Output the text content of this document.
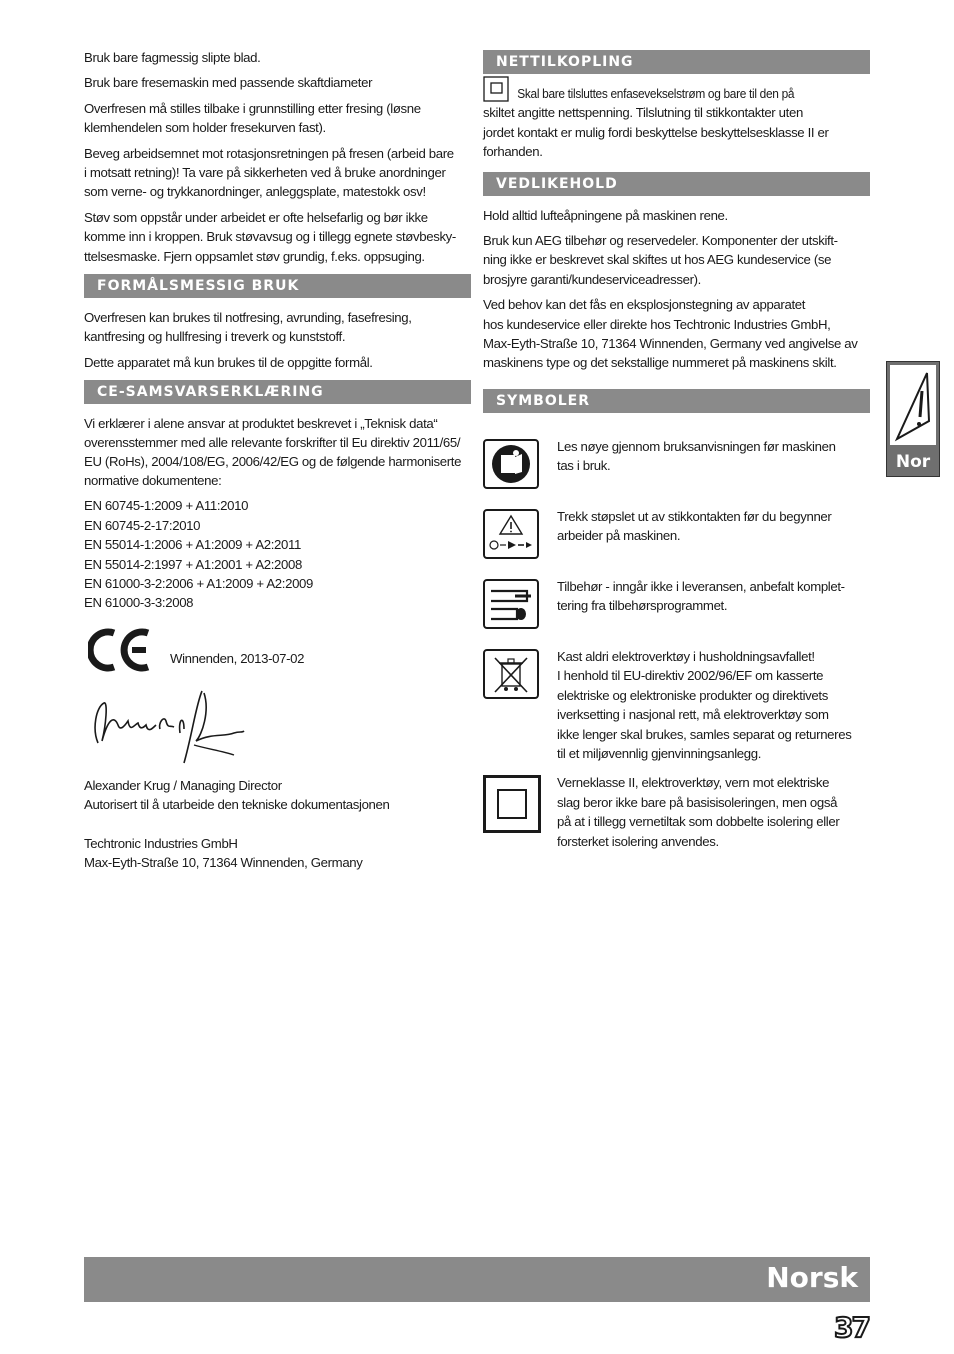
Bruk bare fagmessig slipte blad.

Bruk bare fresemaskin med passende skaftdiameter

Overfresen må stilles tilbake i grunnstilling etter fresing (løsne
klemhendelen som holder fresekurven fast).

Beveg arbeidsemnet mot rotasjonsretningen på fresen (arbeid bare
i motsatt retning)! Ta vare på sikkerheten ved å bruke anordninger
som verne- og trykkanordninger, anleggsplate, matestokk osv!

Støv som oppstår under arbeidet er ofte helsefarlig og bør ikke
komme inn i kroppen. Bruk støvavsug og i tillegg egnete støvbesky-
ttelsesmaske. Fjern oppsamlet støv grundig, f.eks. oppsuging.

FORMÅLSMESSIG BRUK

Overfresen kan brukes til notfresing, avrunding, fasefresing,
kantfresing og hullfresing i treverk og kunststoff.

Dette apparatet må kun brukes til de oppgitte formål.

CE-SAMSVARSERKLÆRING

Vi erklærer i alene ansvar at produktet beskrevet i „Teknisk data“
overensstemmer med alle relevante forskrifter til Eu direktiv 2011/65/
EU (RoHs), 2004/108/EG, 2006/42/EG og de følgende harmoniserte
normative dokumentene:

EN 60745-1:2009 + A11:2010
EN 60745-2-17:2010
EN 55014-1:2006 + A1:2009 + A2:2011
EN 55014-2:1997 + A1:2001 + A2:2008
EN 61000-3-2:2006 + A1:2009 + A2:2009
EN 61000-3-3:2008
Winnenden, 2013-07-02
Alexander Krug / Managing Director
Autorisert til å utarbeide den tekniske dokumentasjonen
Techtronic Industries GmbH
Max-Eyth-Straße 10, 71364 Winnenden, Germany
NETTILKOPLING

Skal bare tilsluttes enfasevekselstrøm og bare til den på
skiltet angitte nettspenning. Tilslutning til stikkontakter uten
jordet kontakt er mulig fordi beskyttelse beskyttelsesklasse II er
forhanden.

VEDLIKEHOLD

Hold alltid lufteåpningene på maskinen rene.

Bruk kun AEG tilbehør og reservedeler. Komponenter der utskift-
ning ikke er beskrevet skal skiftes ut hos AEG kundeservice (se
brosjyre garanti/kundeserviceadresser).

Ved behov kan det fås en eksplosjonstegning av apparatet
hos kundeservice eller direkte hos Techtronic Industries GmbH,
Max-Eyth-Straße 10, 71364 Winnenden, Germany ved angivelse av
maskinens type og det sekstallige nummeret på maskinens skilt.

SYMBOLER

Les nøye gjennom bruksanvisningen før maskinen
tas i bruk.

Trekk støpslet ut av stikkontakten før du begynner
arbeider på maskinen.

Tilbehør - inngår ikke i leveransen, anbefalt komplet-
tering fra tilbehørsprogrammet.

Kast aldri elektroverktøy i husholdningsavfallet!
I henhold til EU-direktiv 2002/96/EF om kasserte
elektriske og elektroniske produkter og direktivets
iverksetting i nasjonal rett, må elektroverktøy som
ikke lenger skal brukes, samles separat og returneres
til et miljøvennlig gjenvinningsanlegg.

Verneklasse II, elektroverktøy, vern mot elektriske
slag beror ikke bare på basisisoleringen, men også
på at i tillegg vernetiltak som dobbelte isolering eller
forsterket isolering anvendes.

Nor
Norsk
37
